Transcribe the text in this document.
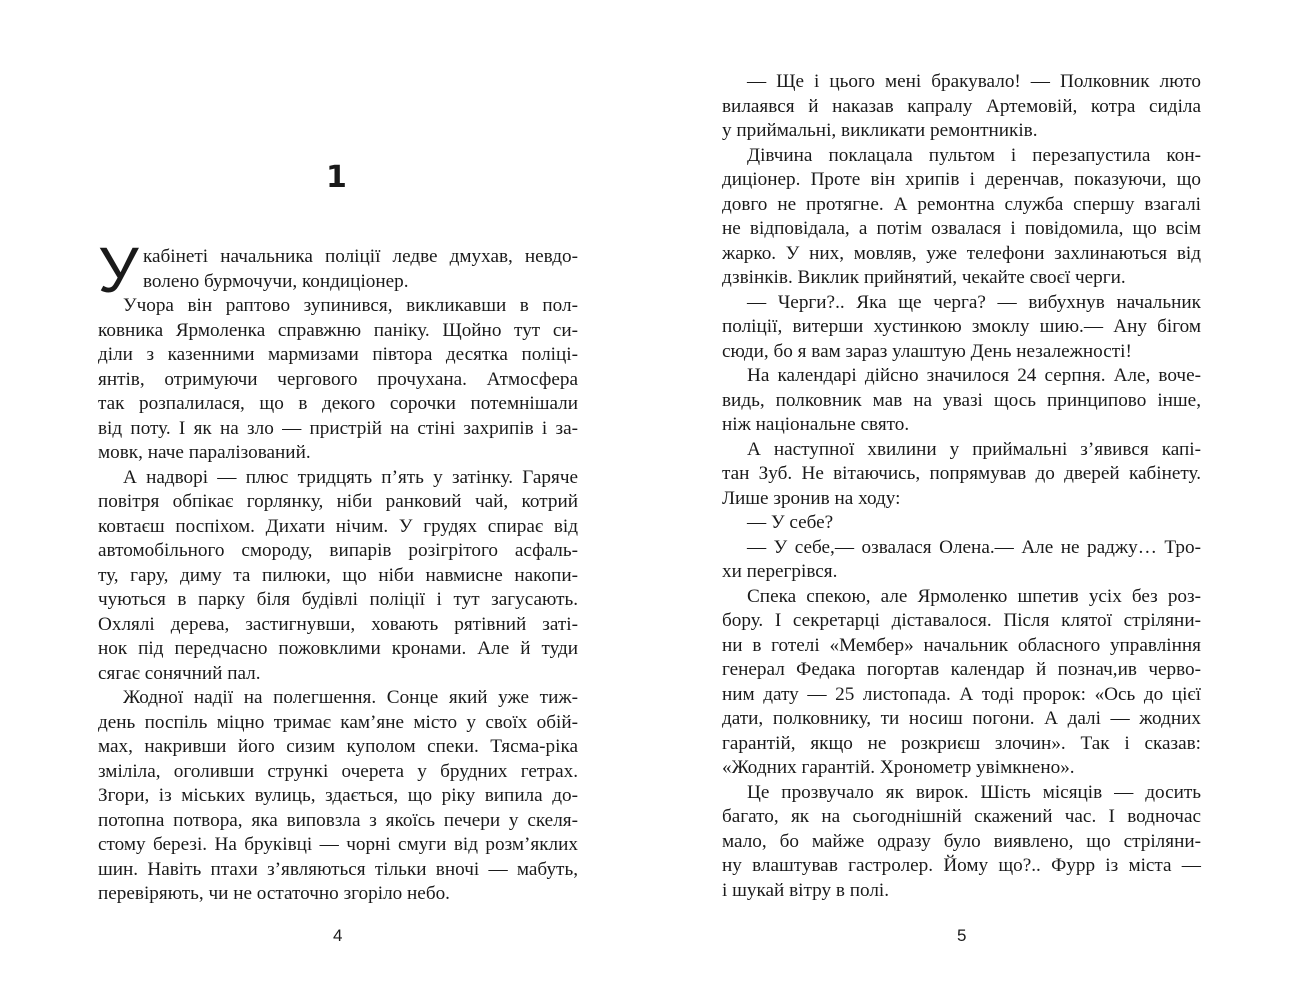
1
У кабінеті начальника поліції ледве дмухав, невдо-
волено бурмочучи, кондиціонер.
Учора він раптово зупинився, викликавши в пол-
ковника Ярмоленка справжню паніку. Щойно тут си-
діли з казенними мармизами півтора десятка поліці-
янтів, отримуючи чергового прочухана. Атмосфера
так розпалилася, що в декого сорочки потемнішали
від поту. І як на зло — пристрій на стіні захрипів і за-
мовк, наче паралізований.
А надворі — плюс тридцять п’ять у затінку. Гаряче
повітря обпікає горлянку, ніби ранковий чай, котрий
ковтаєш поспіхом. Дихати нічим. У грудях спирає від
автомобільного смороду, випарів розігрітого асфаль-
ту, гару, диму та пилюки, що ніби навмисне накопи-
чуються в парку біля будівлі поліції і тут загусають.
Охлялі дерева, застигнувши, ховають рятівний заті-
нок під передчасно пожовклими кронами. Але й туди
сягає сонячний пал.
Жодної надії на полегшення. Сонце який уже тиж-
день поспіль міцно тримає кам’яне місто у своїх обій-
мах, накривши його сизим куполом спеки. Тясма-ріка
зміліла, оголивши стрункі очерета у брудних гетрах.
Згори, із міських вулиць, здається, що ріку випила до-
потопна потвора, яка виповзла з якоїсь печери у скеля-
стому березі. На бруківці — чорні смуги від розм’яклих
шин. Навіть птахи з’являються тільки вночі — мабуть,
перевіряють, чи не остаточно згоріло небо.
— Ще і цього мені бракувало! — Полковник люто
вилаявся й наказав капралу Артемовій, котра сиділа
у приймальні, викликати ремонтників.
Дівчина поклацала пультом і перезапустила кон-
диціонер. Проте він хрипів і деренчав, показуючи, що
довго не протягне. А ремонтна служба спершу взагалі
не відповідала, а потім озвалася і повідомила, що всім
жарко. У них, мовляв, уже телефони захлинаються від
дзвінків. Виклик прийнятий, чекайте своєї черги.
— Черги?.. Яка ще черга? — вибухнув начальник
поліції, витерши хустинкою змоклу шию.— Ану бігом
сюди, бо я вам зараз улаштую День незалежності!
На календарі дійсно значилося 24 серпня. Але, воче-
видь, полковник мав на увазі щось принципово інше,
ніж національне свято.
А наступної хвилини у приймальні з’явився капі-
тан Зуб. Не вітаючись, попрямував до дверей кабінету.
Лише зронив на ходу:
— У себе?
— У себе,— озвалася Олена.— Але не раджу… Тро-
хи перегрівся.
Спека спекою, але Ярмоленко шпетив усіх без роз-
бору. І секретарці діставалося. Після клятої стріляни-
ни в готелі «Мембер» начальник обласного управління
генерал Федака погортав календар й познач,ив черво-
ним дату — 25 листопада. А тоді пророк: «Ось до цієї
дати, полковнику, ти носиш погони. А далі — жодних
гарантій, якщо не розкриєш злочин». Так і сказав:
«Жодних гарантій. Хронометр увімкнено».
Це прозвучало як вирок. Шість місяців — досить
багато, як на сьогоднішній скажений час. І водночас
мало, бо майже одразу було виявлено, що стріляни-
ну влаштував гастролер. Йому що?.. Фурр із міста —
і шукай вітру в полі.
4	5
